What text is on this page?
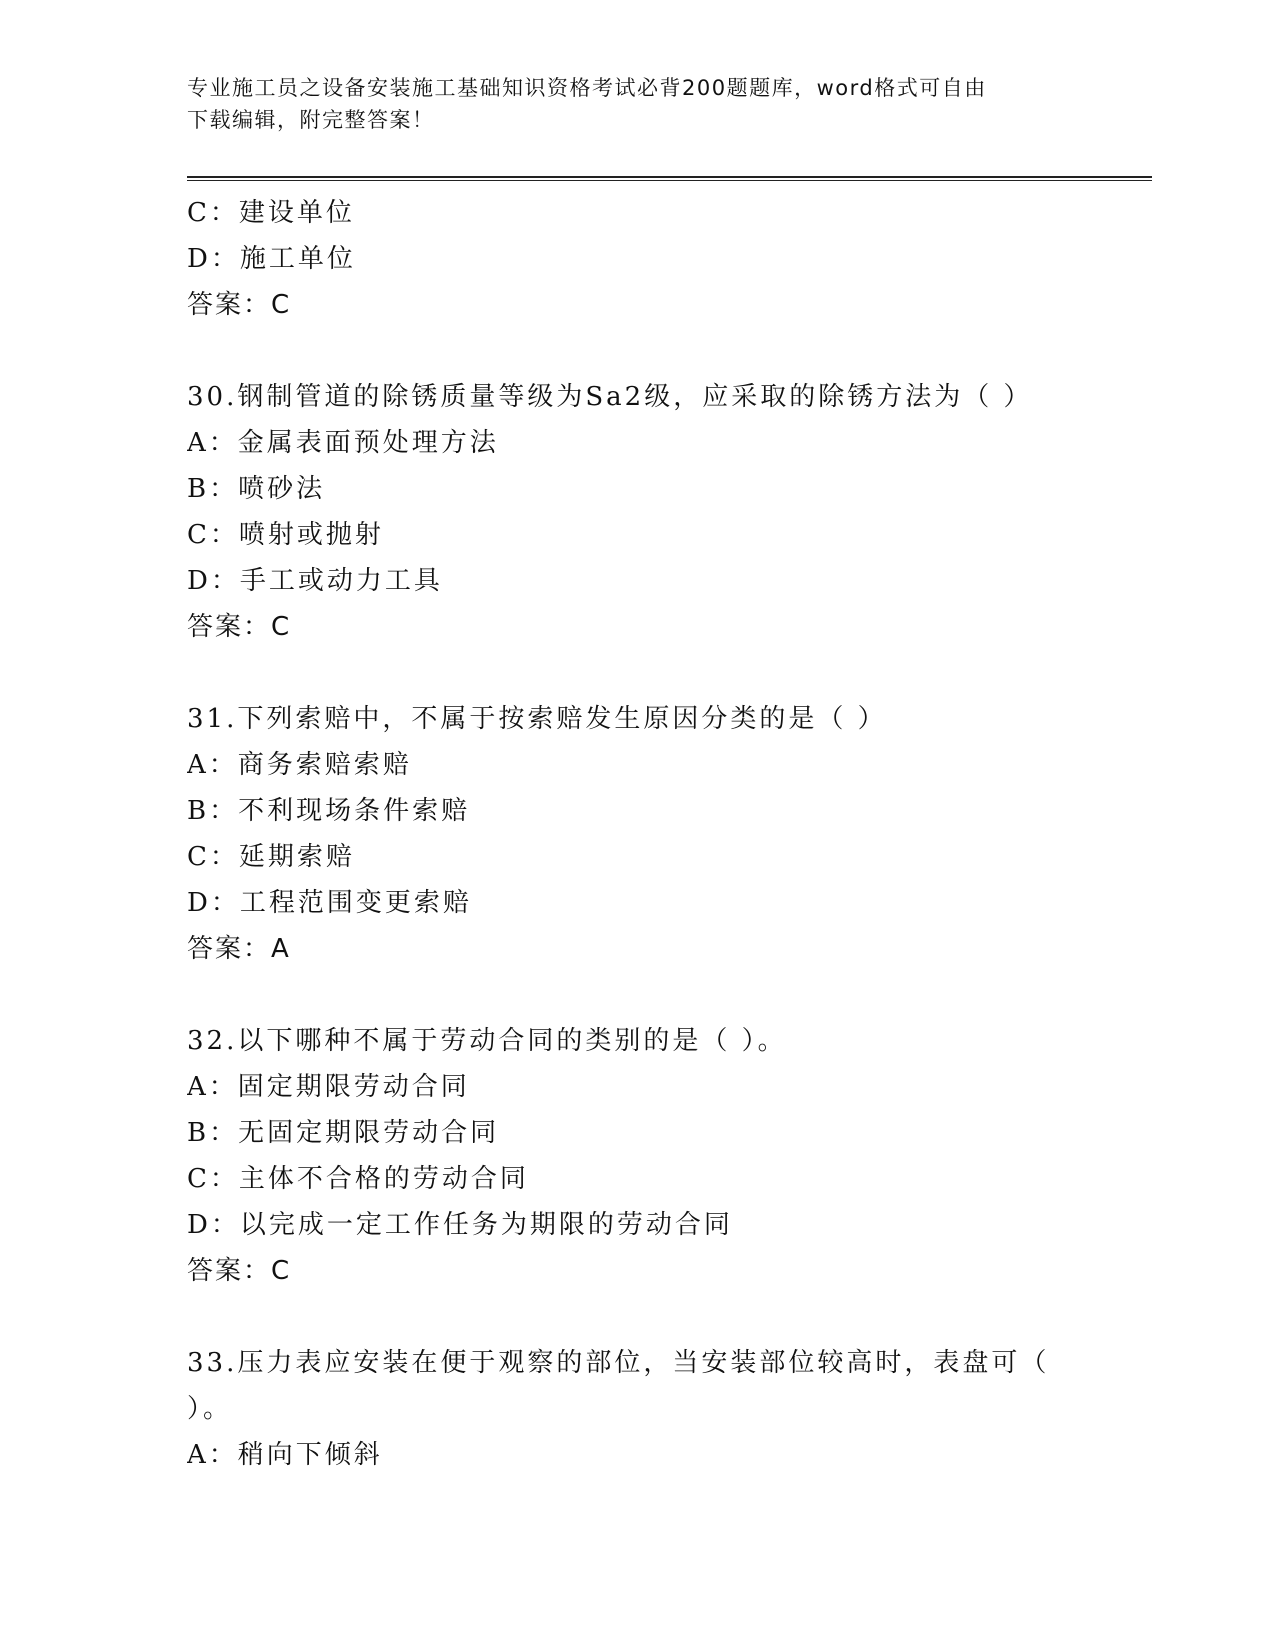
专业施工员之设备安装施工基础知识资格考试必背200题题库，word格式可自由
下载编辑，附完整答案！
C：建设单位
D：施工单位
答案：C
30.钢制管道的除锈质量等级为Sa2级，应采取的除锈方法为（ ）
A：金属表面预处理方法
B：喷砂法
C：喷射或抛射
D：手工或动力工具
答案：C
31.下列索赔中，不属于按索赔发生原因分类的是（ ）
A：商务索赔索赔
B：不利现场条件索赔
C：延期索赔
D：工程范围变更索赔
答案：A
32.以下哪种不属于劳动合同的类别的是（ ）。
A：固定期限劳动合同
B：无固定期限劳动合同
C：主体不合格的劳动合同
D：以完成一定工作任务为期限的劳动合同
答案：C
33.压力表应安装在便于观察的部位，当安装部位较高时，表盘可（
）。
A：稍向下倾斜
